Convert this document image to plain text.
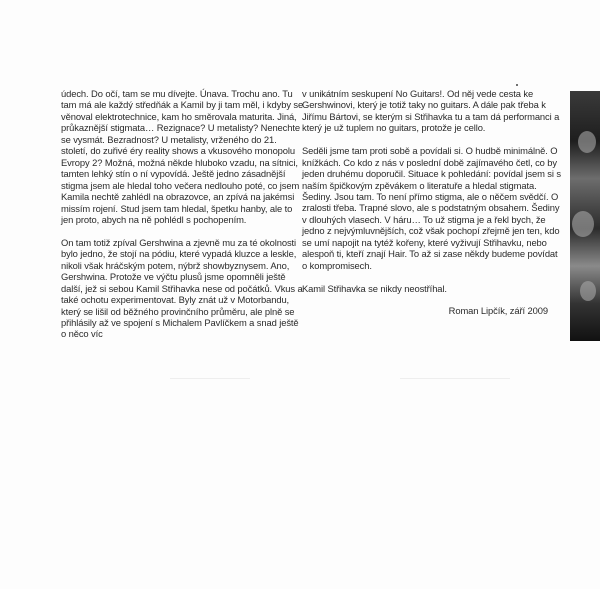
údech. Do očí, tam se mu dívejte. Únava. Trochu ano. Tu tam má ale každý středňák a Kamil by ji tam měl, i kdyby se věnoval elektrotechnice, kam ho směrovala maturita. Jiná, průkaznější stigmata… Rezignace? U metalisty? Nenechte se vysmát. Bezradnost? U metalisty, vrženého do 21. století, do zuřivé éry reality shows a vkusového monopolu Evropy 2? Možná, možná někde hluboko vzadu, na sítnici, tamten lehký stín o ní vypovídá. Ještě jedno zásadnější stigma jsem ale hledal toho večera nedlouho poté, co jsem Kamila nechtě zahlédl na obrazovce, an zpívá na jakémsi missím rojení. Stud jsem tam hledal, špetku hanby, ale to jen proto, abych na ně pohlédl s pochopením.

On tam totiž zpíval Gershwina a zjevně mu za té okolnosti bylo jedno, že stojí na pódiu, které vypadá kluzce a leskle, nikoli však hráčským potem, nýbrž showbyznysem. Ano, Gershwina. Protože ve výčtu plusů jsme opomněli ještě další, jež si sebou Kamil Střihavka nese od počátků. Vkus a také ochotu experimentovat. Byly znát už v Motorbandu, který se lišil od běžného provinčního průměru, ale plně se přihlásily až ve spojení s Michalem Pavlíčkem a snad ještě o něco víc

v unikátním seskupení No Guitars!. Od něj vede cesta ke Gershwinovi, který je totiž taky no guitars. A dále pak třeba k Jiřímu Bártovi, se kterým si Střihavka tu a tam dá performanci a který je už tuplem no guitars, protože je cello.

Seděli jsme tam proti sobě a povídali si. O hudbě minimálně. O knížkách. Co kdo z nás v poslední době zajímavého četl, co by jeden druhému doporučil. Situace k pohledání: povídal jsem si s naším špičkovým zpěvákem o literatuře a hledal stigmata. Šediny. Jsou tam. To není přímo stigma, ale o něčem svědčí. O zralosti třeba. Trapné slovo, ale s podstatným obsahem. Šediny v dlouhých vlasech. V háru… To už stigma je a řekl bych, že jedno z nejvýmluvnějších, což však pochopí zřejmě jen ten, kdo se umí napojit na tytéž kořeny, které vyživují Střihavku, nebo alespoň ti, kteří znají Hair. To až si zase někdy budeme povídat o kompromisech.

Kamil Střihavka se nikdy neostříhal.

Roman Lipčík, září 2009
